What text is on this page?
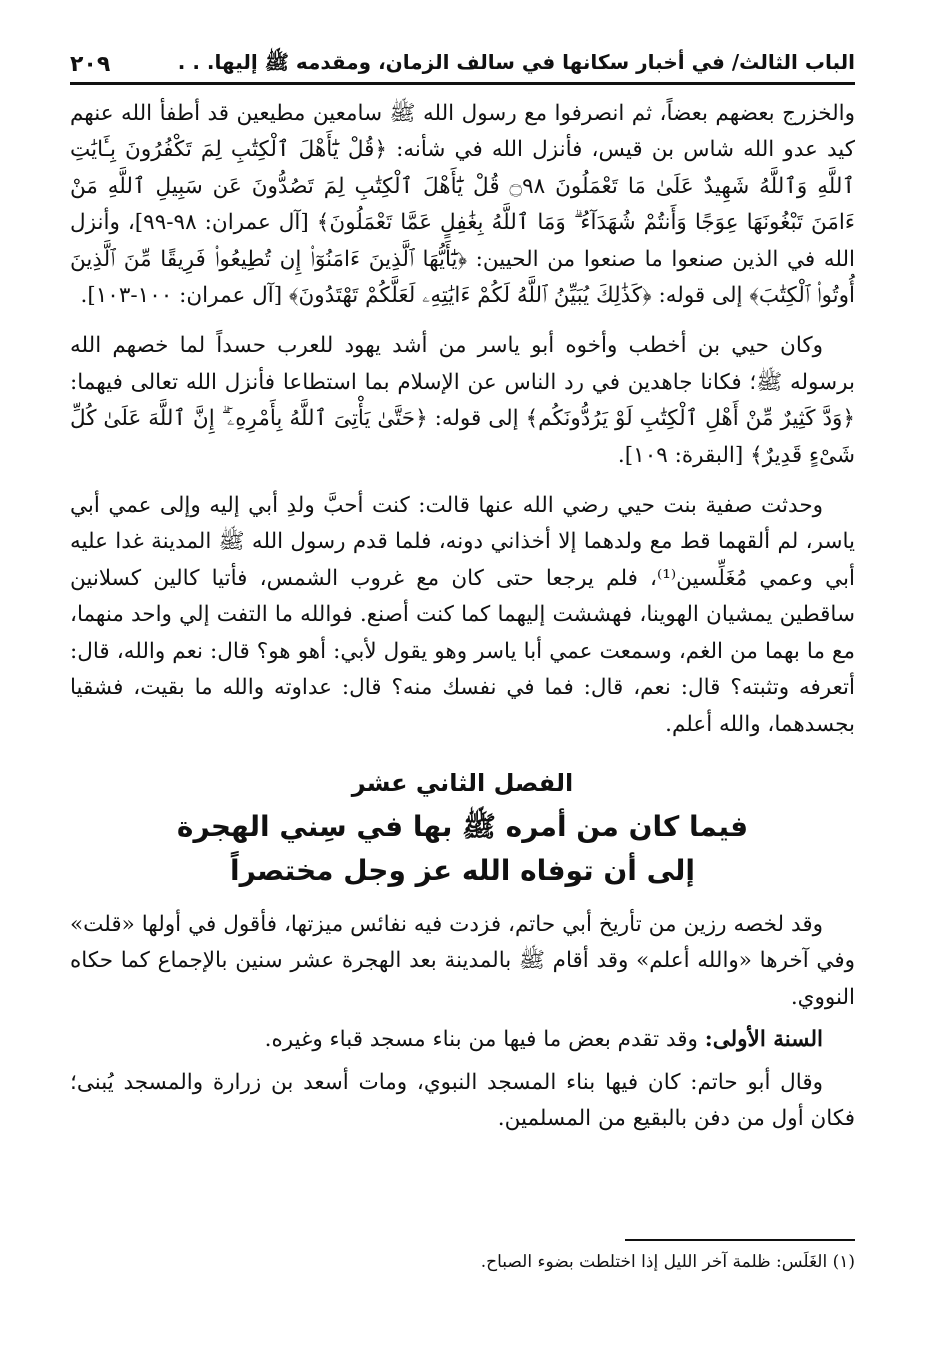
الباب الثالث/ في أخبار سكانها في سالف الزمان، ومقدمه ﷺ إليها. . .
٢٠٩

والخزرج بعضهم بعضاً، ثم انصرفوا مع رسول الله ﷺ سامعين مطيعين قد أطفأ الله عنهم كيد عدو الله شاس بن قيس، فأنزل الله في شأنه: ﴿قُلْ يَٰٓأَهْلَ ٱلْكِتَٰبِ لِمَ تَكْفُرُونَ بِـَٔايَٰتِ ٱللَّهِ وَٱللَّهُ شَهِيدٌ عَلَىٰ مَا تَعْمَلُونَ ۝٩٨ قُلْ يَٰٓأَهْلَ ٱلْكِتَٰبِ لِمَ تَصُدُّونَ عَن سَبِيلِ ٱللَّهِ مَنْ ءَامَنَ تَبْغُونَهَا عِوَجًا وَأَنتُمْ شُهَدَآءُ ۗ وَمَا ٱللَّهُ بِغَٰفِلٍ عَمَّا تَعْمَلُونَ﴾ [آل عمران: ٩٨-٩٩]، وأنزل الله في الذين صنعوا ما صنعوا من الحيين: ﴿يَٰٓأَيُّهَا ٱلَّذِينَ ءَامَنُوٓا۟ إِن تُطِيعُوا۟ فَرِيقًا مِّنَ ٱلَّذِينَ أُوتُوا۟ ٱلْكِتَٰبَ﴾ إلى قوله: ﴿كَذَٰلِكَ يُبَيِّنُ ٱللَّهُ لَكُمْ ءَايَٰتِهِۦ لَعَلَّكُمْ تَهْتَدُونَ﴾ [آل عمران: ١٠٠-١٠٣].

وكان حيي بن أخطب وأخوه أبو ياسر من أشد يهود للعرب حسداً لما خصهم الله برسوله ﷺ؛ فكانا جاهدين في رد الناس عن الإسلام بما استطاعا فأنزل الله تعالى فيهما: ﴿وَدَّ كَثِيرٌ مِّنْ أَهْلِ ٱلْكِتَٰبِ لَوْ يَرُدُّونَكُم﴾ إلى قوله: ﴿حَتَّىٰ يَأْتِىَ ٱللَّهُ بِأَمْرِهِۦٓ ۗ إِنَّ ٱللَّهَ عَلَىٰ كُلِّ شَىْءٍ قَدِيرٌ﴾ [البقرة: ١٠٩].

وحدثت صفية بنت حيي رضي الله عنها قالت: كنت أحبَّ ولدِ أبي إليه وإلى عمي أبي ياسر، لم ألقهما قط مع ولدهما إلا أخذاني دونه، فلما قدم رسول الله ﷺ المدينة غدا عليه أبي وعمي مُغَلِّسين⁽¹⁾، فلم يرجعا حتى كان مع غروب الشمس، فأتيا كالين كسلانين ساقطين يمشيان الهوينا، فهششت إليهما كما كنت أصنع. فوالله ما التفت إلي واحد منهما، مع ما بهما من الغم، وسمعت عمي أبا ياسر وهو يقول لأبي: أهو هو؟ قال: نعم والله، قال: أتعرفه وتثبته؟ قال: نعم، قال: فما في نفسك منه؟ قال: عداوته والله ما بقيت، فشقيا بجسدهما، والله أعلم.

الفصل الثاني عشر
فيما كان من أمره ﷺ بها في سِني الهجرة
إلى أن توفاه الله عز وجل مختصراً

وقد لخصه رزين من تأريخ أبي حاتم، فزدت فيه نفائس ميزتها، فأقول في أولها «قلت» وفي آخرها «والله أعلم» وقد أقام ﷺ بالمدينة بعد الهجرة عشر سنين بالإجماع كما حكاه النووي.

السنة الأولى: وقد تقدم بعض ما فيها من بناء مسجد قباء وغيره.

وقال أبو حاتم: كان فيها بناء المسجد النبوي، ومات أسعد بن زرارة والمسجد يُبنى؛ فكان أول من دفن بالبقيع من المسلمين.

(١) الغَلَس: ظلمة آخر الليل إذا اختلطت بضوء الصباح.
